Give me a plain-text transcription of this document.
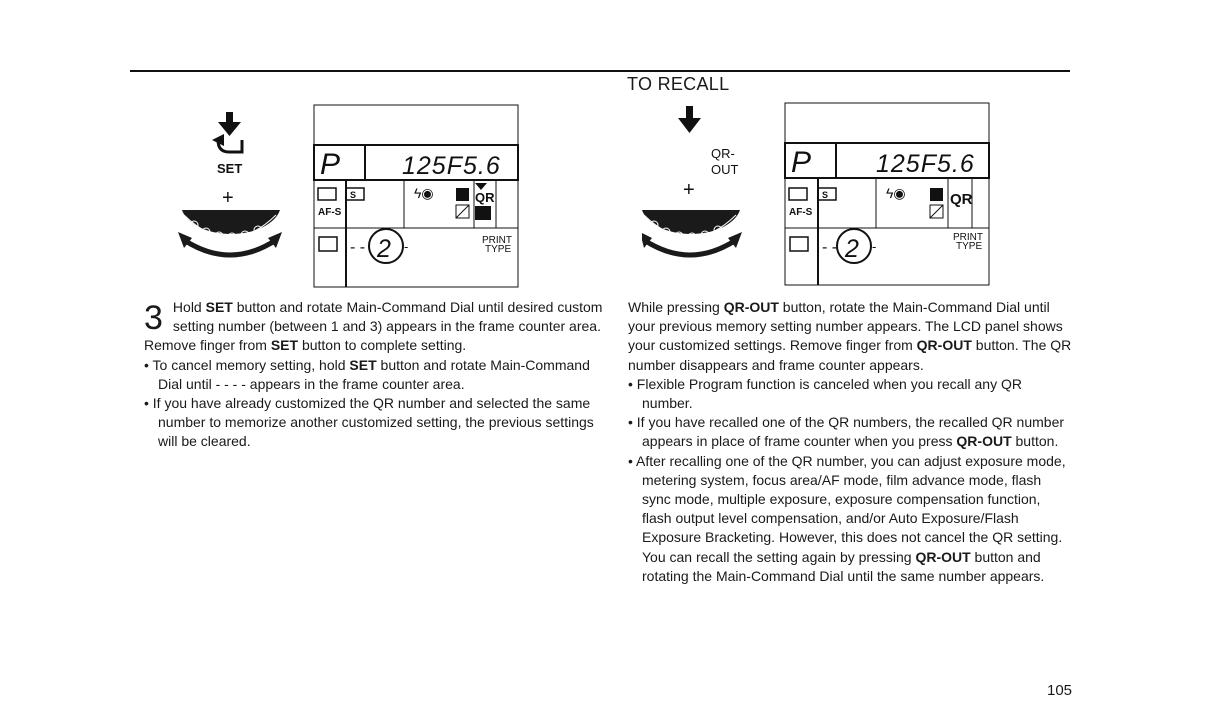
TO RECALL
SET
+
P 125F5.6
S
AF-S
ϟ◉	QR
- - 2 -	PRINT
TYPE
QR-
OUT
+
P	125F5.6
S
AF-S
ϟ◉	QR
- - 2 -
PRINT
TYPE

3 Hold SET button and rotate Main-Command Dial until desired custom setting number (between 1 and 3) appears in the frame counter area. Remove finger from SET button to complete setting.

• To cancel memory setting, hold SET button and rotate Main-Command Dial until - - - - appears in the frame counter area.

• If you have already customized the QR number and selected the same number to memorize another customized setting, the previous settings will be cleared.

While pressing QR-OUT button, rotate the Main-Command Dial until your previous memory setting number appears. The LCD panel shows your customized settings. Remove finger from QR-OUT button. The QR number disappears and frame counter appears.

• Flexible Program function is canceled when you recall any QR number.

• If you have recalled one of the QR numbers, the recalled QR number appears in place of frame counter when you press QR-OUT button.

• After recalling one of the QR number, you can adjust exposure mode, metering system, focus area/AF mode, film advance mode, flash sync mode, multiple exposure, exposure compensation function, flash output level compensation, and/or Auto Exposure/Flash Exposure Bracketing. However, this does not cancel the QR setting. You can recall the setting again by pressing QR-OUT button and rotating the Main-Command Dial until the same number appears.

105
